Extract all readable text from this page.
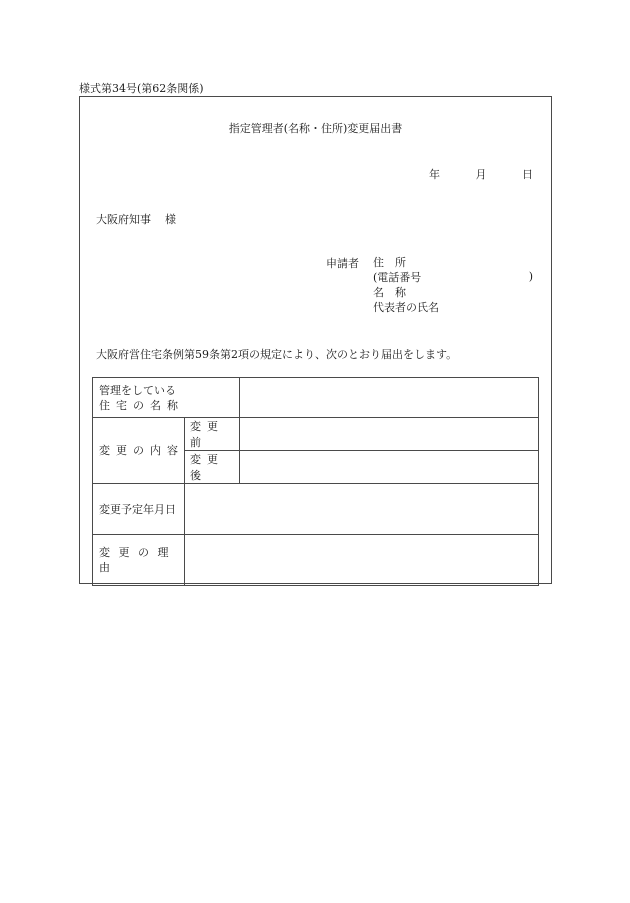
様式第34号(第62条関係)
指定管理者(名称・住所)変更届出書
年	月	日
大阪府知事 様
申請者 住　所
(電話番号
名　称
代表者の氏名
)
大阪府営住宅条例第59条第2項の規定により、次のとおり届出をします。
管理をしている
住宅の名称		

変更の内容	変更前	
	変更後	
変更予定年月日		
変更の理由		
